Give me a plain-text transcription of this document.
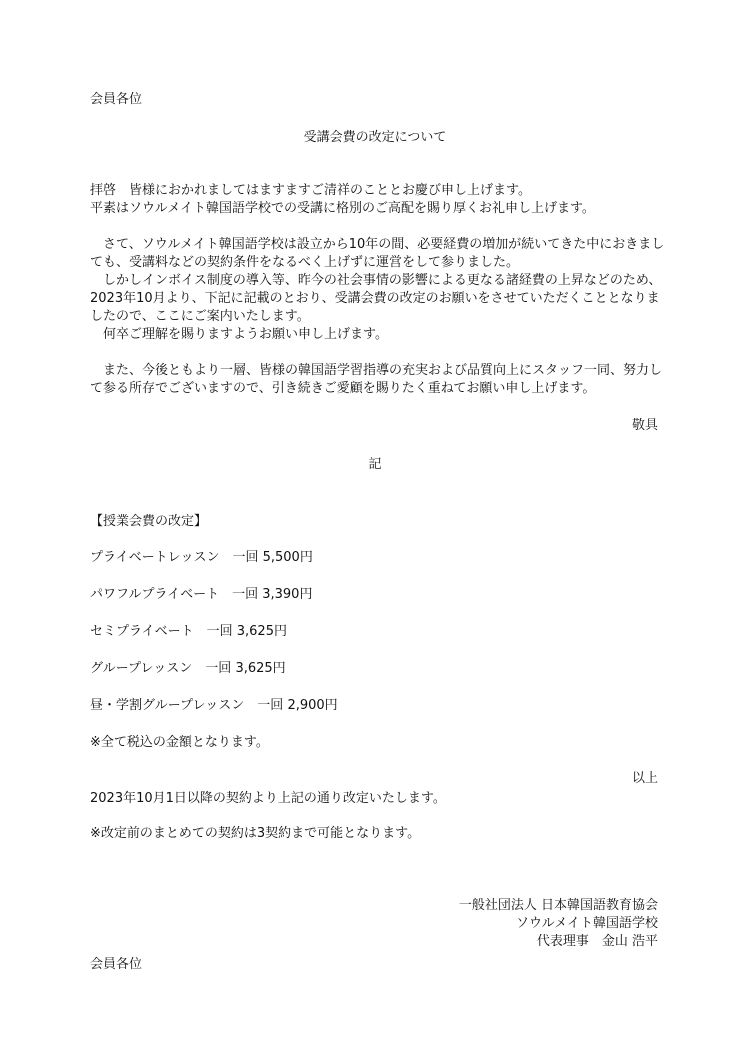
会員各位
受講会費の改定について

拝啓　皆様におかれましてはますますご清祥のこととお慶び申し上げます。

平素はソウルメイト韓国語学校での受講に格別のご高配を賜り厚くお礼申し上げます。

　さて、ソウルメイト韓国語学校は設立から10年の間、必要経費の増加が続いてきた中におきましても、受講料などの契約条件をなるべく上げずに運営をして参りました。

　しかしインボイス制度の導入等、昨今の社会事情の影響による更なる諸経費の上昇などのため、2023年10月より、下記に記載のとおり、受講会費の改定のお願いをさせていただくこととなりましたので、ここにご案内いたします。

　何卒ご理解を賜りますようお願い申し上げます。

　また、今後ともより一層、皆様の韓国語学習指導の充実および品質向上にスタッフ一同、努力して参る所存でございますので、引き続きご愛顧を賜りたく重ねてお願い申し上げます。
敬具
記
【授業会費の改定】
プライベートレッスン　一回 5,500円
パワフルプライベート　一回 3,390円
セミプライベート　一回 3,625円
グループレッスン　一回 3,625円
昼・学割グループレッスン　一回 2,900円
※全て税込の金額となります。
以上
2023年10月1日以降の契約より上記の通り改定いたします。
※改定前のまとめての契約は3契約まで可能となります。

一般社団法人 日本韓国語教育協会

ソウルメイト韓国語学校

代表理事　金山 浩平

会員各位
